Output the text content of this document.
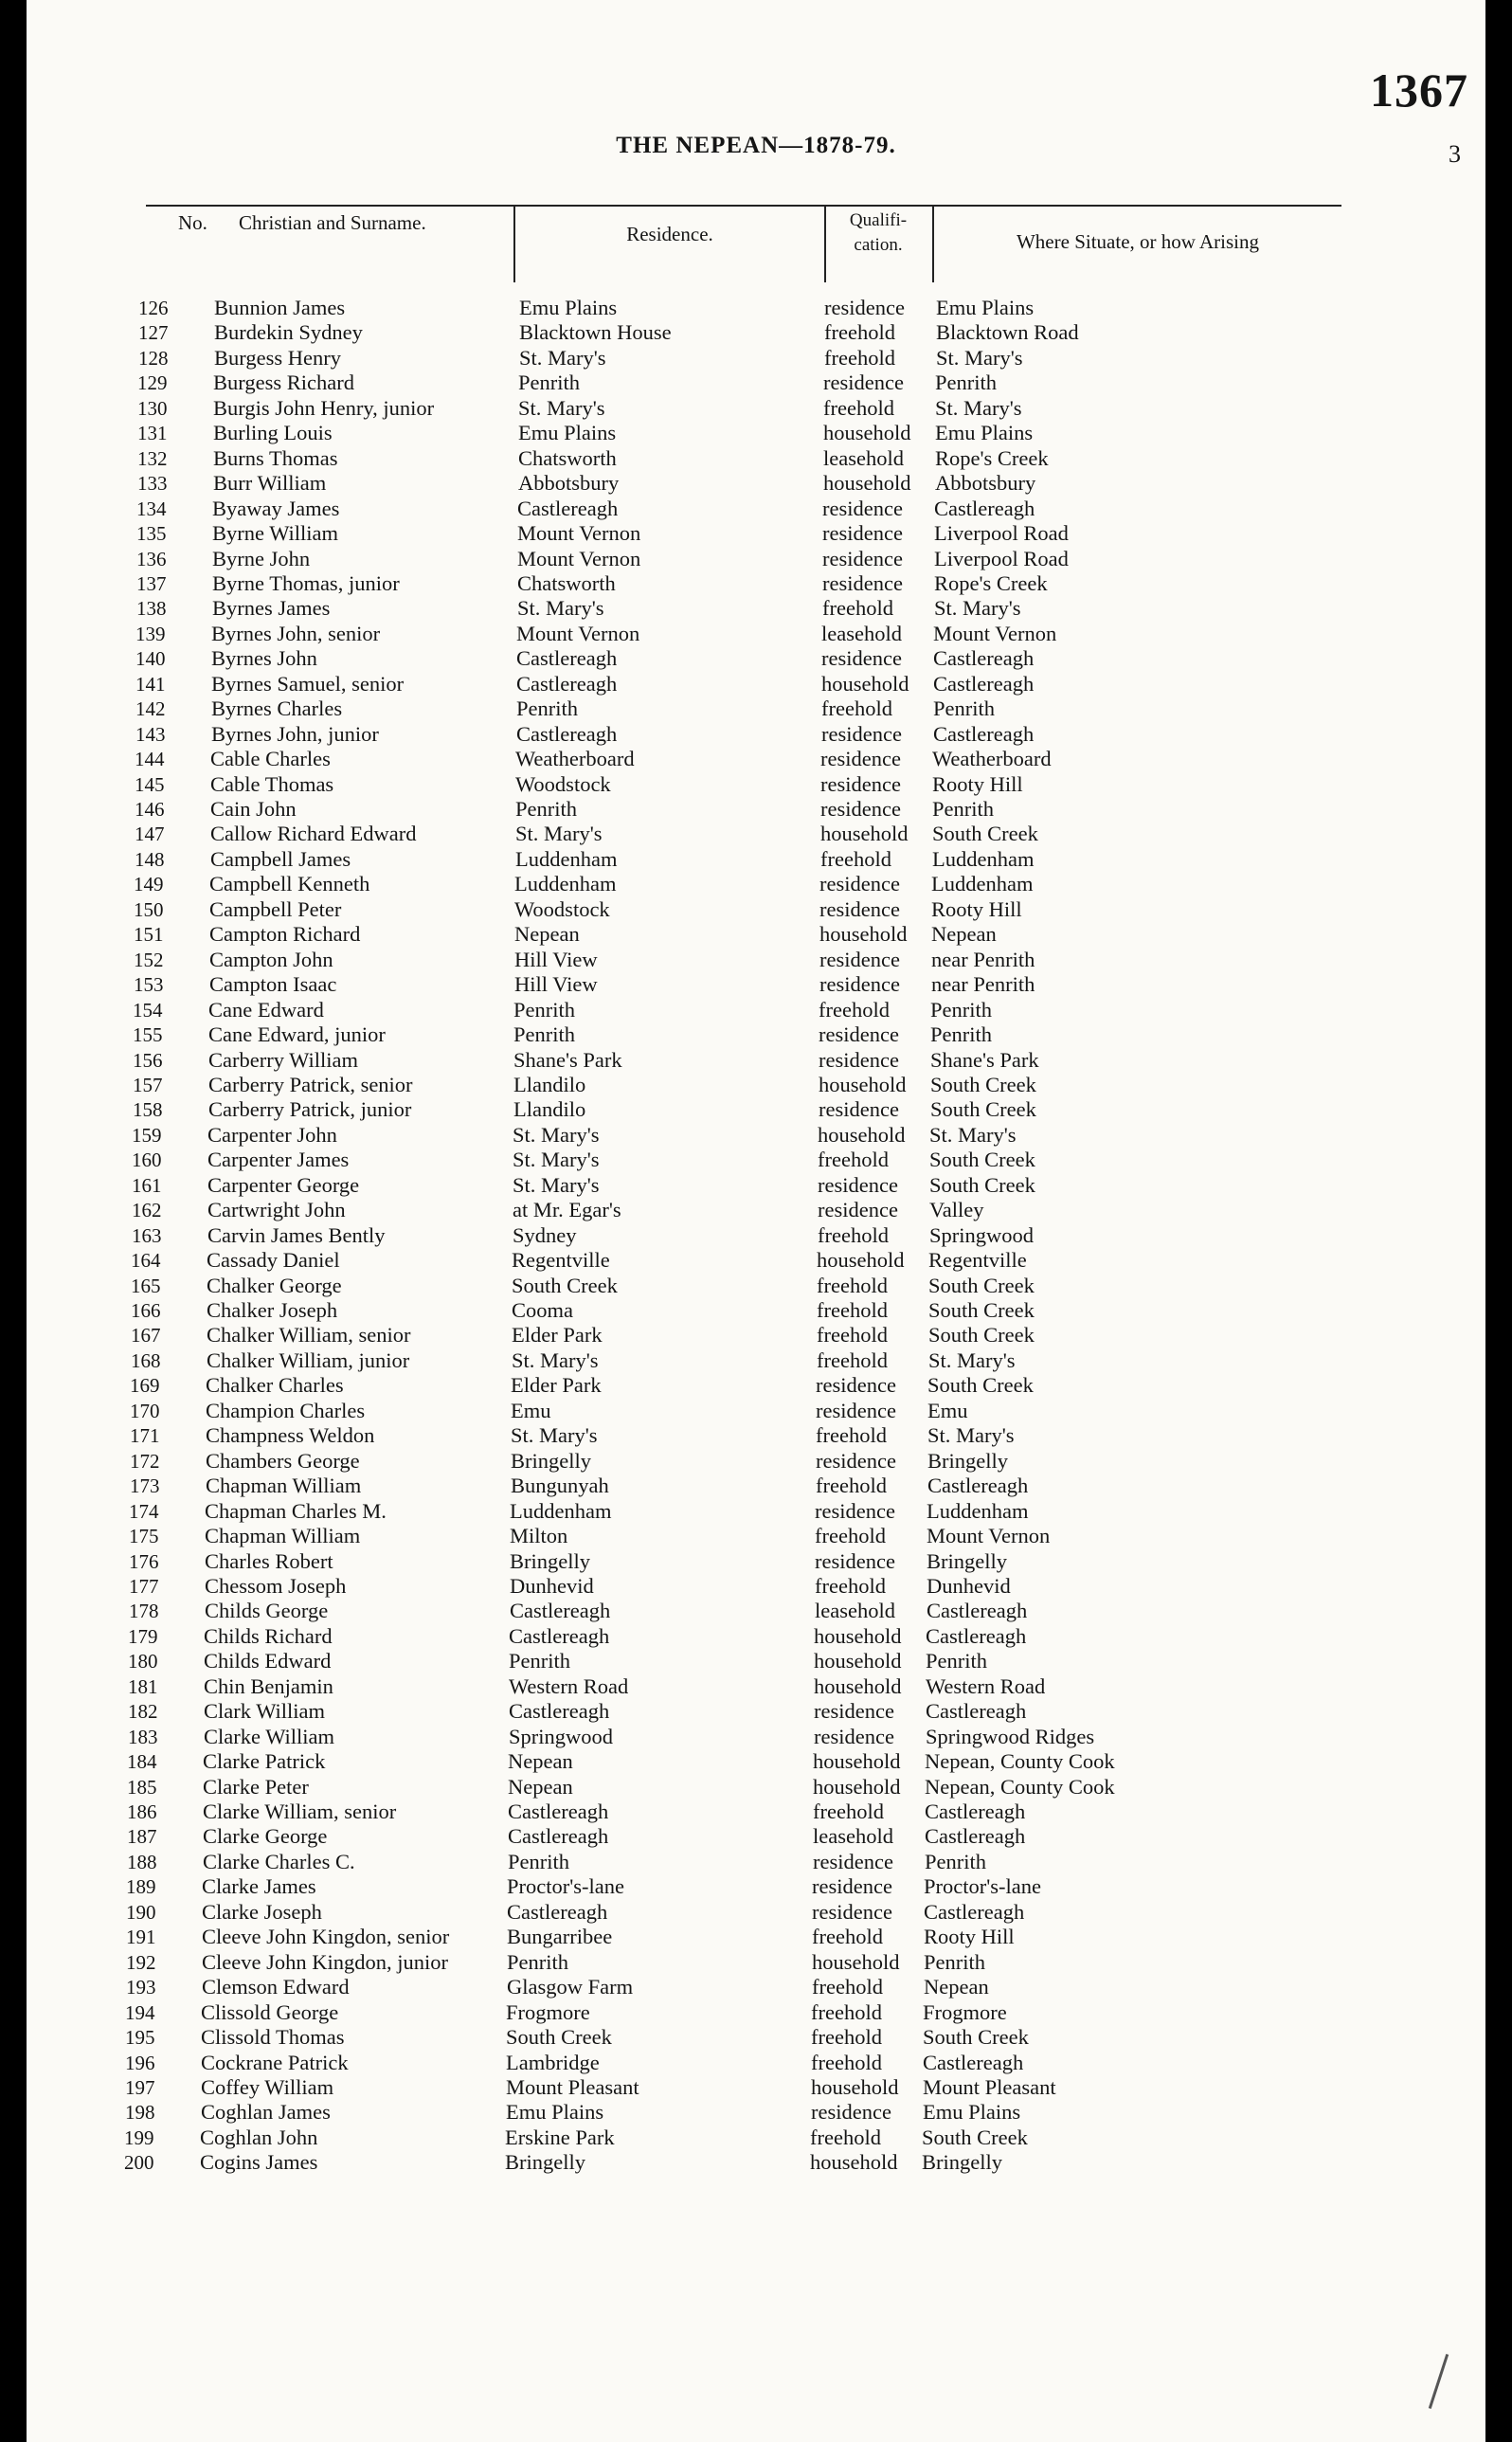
1367
THE NEPEAN—1878-79.	3
No. Christian and Surname.	Residence.
Qualifi-cation.	Where Situate, or how Arising
126	Bunnion James	Emu Plains	residence Emu Plains
127	Burdekin Sydney	Blacktown House	freehold Blacktown Road
128	Burgess Henry	St. Mary's	freehold St. Mary's
129	Burgess Richard	Penrith	residence Penrith
130	Burgis John Henry, junior	St. Mary's	freehold St. Mary's
131	Burling Louis	Emu Plains	household Emu Plains
132	Burns Thomas	Chatsworth	leasehold Rope's Creek
133	Burr William	Abbotsbury	household Abbotsbury
134	Byaway James	Castlereagh	residence Castlereagh
135	Byrne William	Mount Vernon	residence Liverpool Road
136	Byrne John	Mount Vernon	residence Liverpool Road
137	Byrne Thomas, junior	Chatsworth	residence Rope's Creek
138	Byrnes James	St. Mary's	freehold St. Mary's
139	Byrnes John, senior	Mount Vernon	leasehold Mount Vernon
140	Byrnes John	Castlereagh	residence Castlereagh
141	Byrnes Samuel, senior	Castlereagh	household Castlereagh
142	Byrnes Charles	Penrith	freehold Penrith
143	Byrnes John, junior	Castlereagh	residence Castlereagh
144	Cable Charles	Weatherboard	residence Weatherboard
145	Cable Thomas	Woodstock	residence Rooty Hill
146	Cain John	Penrith	residence Penrith
147	Callow Richard Edward	St. Mary's	household South Creek
148	Campbell James	Luddenham	freehold Luddenham
149	Campbell Kenneth	Luddenham	residence Luddenham
150	Campbell Peter	Woodstock	residence Rooty Hill
151	Campton Richard	Nepean	household Nepean
152	Campton John	Hill View	residence near Penrith
153	Campton Isaac	Hill View	residence near Penrith
154	Cane Edward	Penrith	freehold Penrith
155	Cane Edward, junior	Penrith	residence Penrith
156	Carberry William	Shane's Park	residence Shane's Park
157	Carberry Patrick, senior	Llandilo	household South Creek
158	Carberry Patrick, junior	Llandilo	residence South Creek
159	Carpenter John	St. Mary's	household St. Mary's
160	Carpenter James	St. Mary's	freehold South Creek
161	Carpenter George	St. Mary's	residence South Creek
162	Cartwright John	at Mr. Egar's	residence Valley
163	Carvin James Bently	Sydney	freehold Springwood
164	Cassady Daniel	Regentville	household Regentville
165	Chalker George	South Creek	freehold South Creek
166	Chalker Joseph	Cooma	freehold South Creek
167	Chalker William, senior	Elder Park	freehold South Creek
168	Chalker William, junior	St. Mary's	freehold St. Mary's
169	Chalker Charles	Elder Park	residence South Creek
170	Champion Charles	Emu	residence Emu
171	Champness Weldon	St. Mary's	freehold St. Mary's
172	Chambers George	Bringelly	residence Bringelly
173	Chapman William	Bungunyah	freehold Castlereagh
174	Chapman Charles M.	Luddenham	residence Luddenham
175	Chapman William	Milton	freehold Mount Vernon
176	Charles Robert	Bringelly	residence Bringelly
177	Chessom Joseph	Dunhevid	freehold Dunhevid
178	Childs George	Castlereagh	leasehold Castlereagh
179	Childs Richard	Castlereagh	household Castlereagh
180	Childs Edward	Penrith	household Penrith
181	Chin Benjamin	Western Road	household Western Road
182	Clark William	Castlereagh	residence Castlereagh
183	Clarke William	Springwood	residence Springwood Ridges
184	Clarke Patrick	Nepean	household Nepean, County Cook
185	Clarke Peter	Nepean	household Nepean, County Cook
186	Clarke William, senior	Castlereagh	freehold Castlereagh
187	Clarke George	Castlereagh	leasehold Castlereagh
188	Clarke Charles C.	Penrith	residence Penrith
189	Clarke James	Proctor's-lane	residence Proctor's-lane
190	Clarke Joseph	Castlereagh	residence Castlereagh
191	Cleeve John Kingdon, senior	Bungarribee	freehold Rooty Hill
192	Cleeve John Kingdon, junior	Penrith	household Penrith
193	Clemson Edward	Glasgow Farm	freehold Nepean
194	Clissold George	Frogmore	freehold Frogmore
195	Clissold Thomas	South Creek	freehold South Creek
196	Cockrane Patrick	Lambridge	freehold Castlereagh
197	Coffey William	Mount Pleasant	household Mount Pleasant
198	Coghlan James	Emu Plains	residence Emu Plains
199	Coghlan John	Erskine Park	freehold South Creek
200	Cogins James	Bringelly	household Bringelly
